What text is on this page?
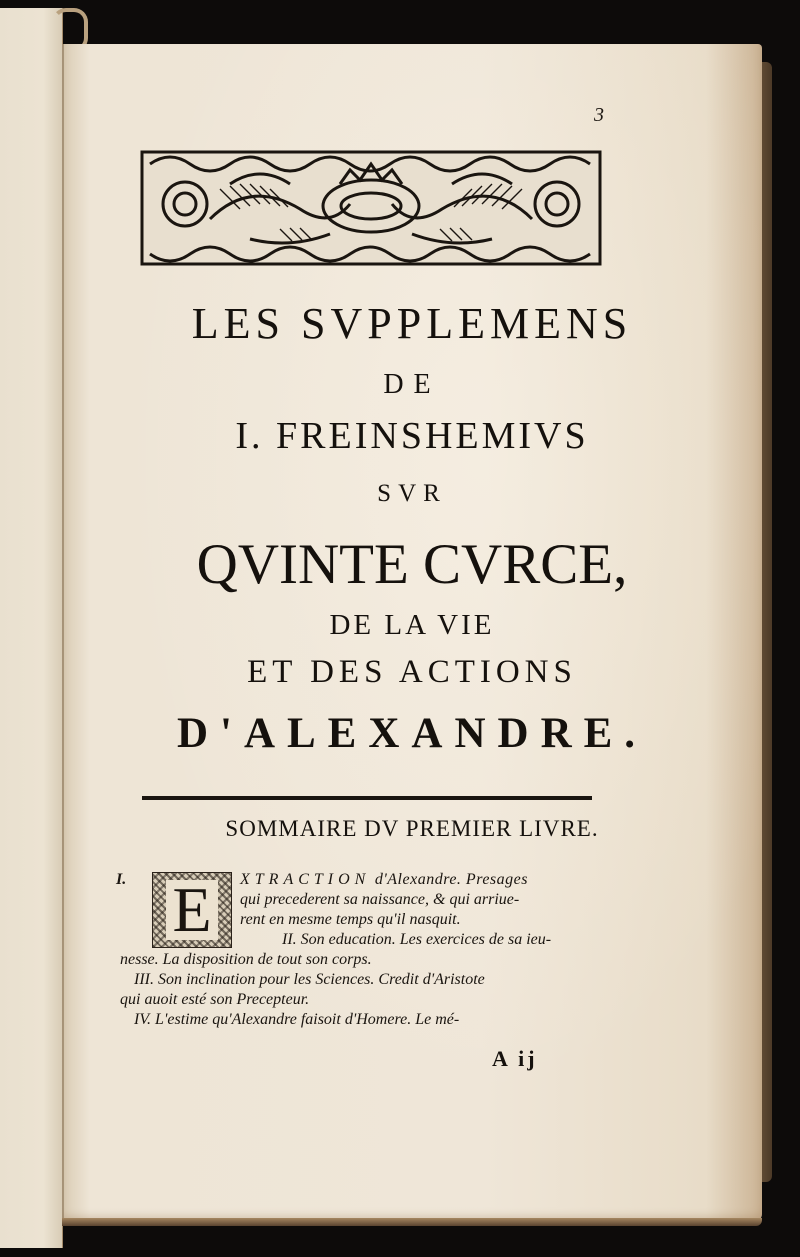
3
LES SVPPLEMENS
DE
I. FREINSHEMIVS
SVR
QVINTE CVRCE,
DE LA VIE
ET DES ACTIONS
D'ALEXANDRE.
SOMMAIRE DV PREMIER LIVRE.
I. E	XTRACTION d'Alexandre. Presages
qui precederent sa naissance, & qui arriue-
rent en mesme temps qu'il nasquit.
II. Son education. Les exercices de sa ieu-
nesse. La disposition de tout son corps.
III. Son inclination pour les Sciences. Credit d'Aristote
qui auoit esté son Precepteur.
IV. L'estime qu'Alexandre faisoit d'Homere. Le mé-
A ij
